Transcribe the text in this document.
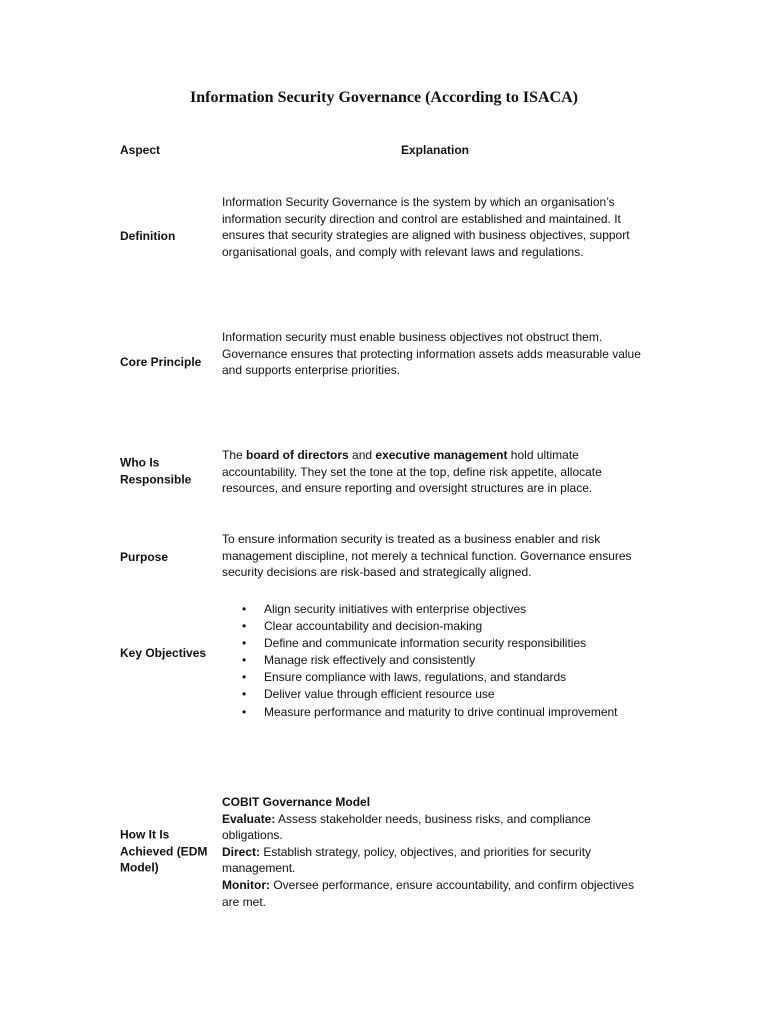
Information Security Governance (According to ISACA)
Aspect	Explanation
Definition

Information Security Governance is the system by which an organisation’s information security direction and control are established and maintained. It ensures that security strategies are aligned with business objectives, support organisational goals, and comply with relevant laws and regulations.

Core Principle

Information security must enable business objectives not obstruct them. Governance ensures that protecting information assets adds measurable value and supports enterprise priorities.

Who Is Responsible

The board of directors and executive management hold ultimate accountability. They set the tone at the top, define risk appetite, allocate resources, and ensure reporting and oversight structures are in place.

Purpose

To ensure information security is treated as a business enabler and risk management discipline, not merely a technical function. Governance ensures security decisions are risk-based and strategically aligned.

Key Objectives
• Align security initiatives with enterprise objectives
• Clear accountability and decision-making
• Define and communicate information security responsibilities
• Manage risk effectively and consistently
• Ensure compliance with laws, regulations, and standards
• Deliver value through efficient resource use
• Measure performance and maturity to drive continual improvement
How It Is Achieved (EDM Model)

COBIT Governance Model

Evaluate: Assess stakeholder needs, business risks, and compliance obligations.

Direct: Establish strategy, policy, objectives, and priorities for security management.

Monitor: Oversee performance, ensure accountability, and confirm objectives are met.
